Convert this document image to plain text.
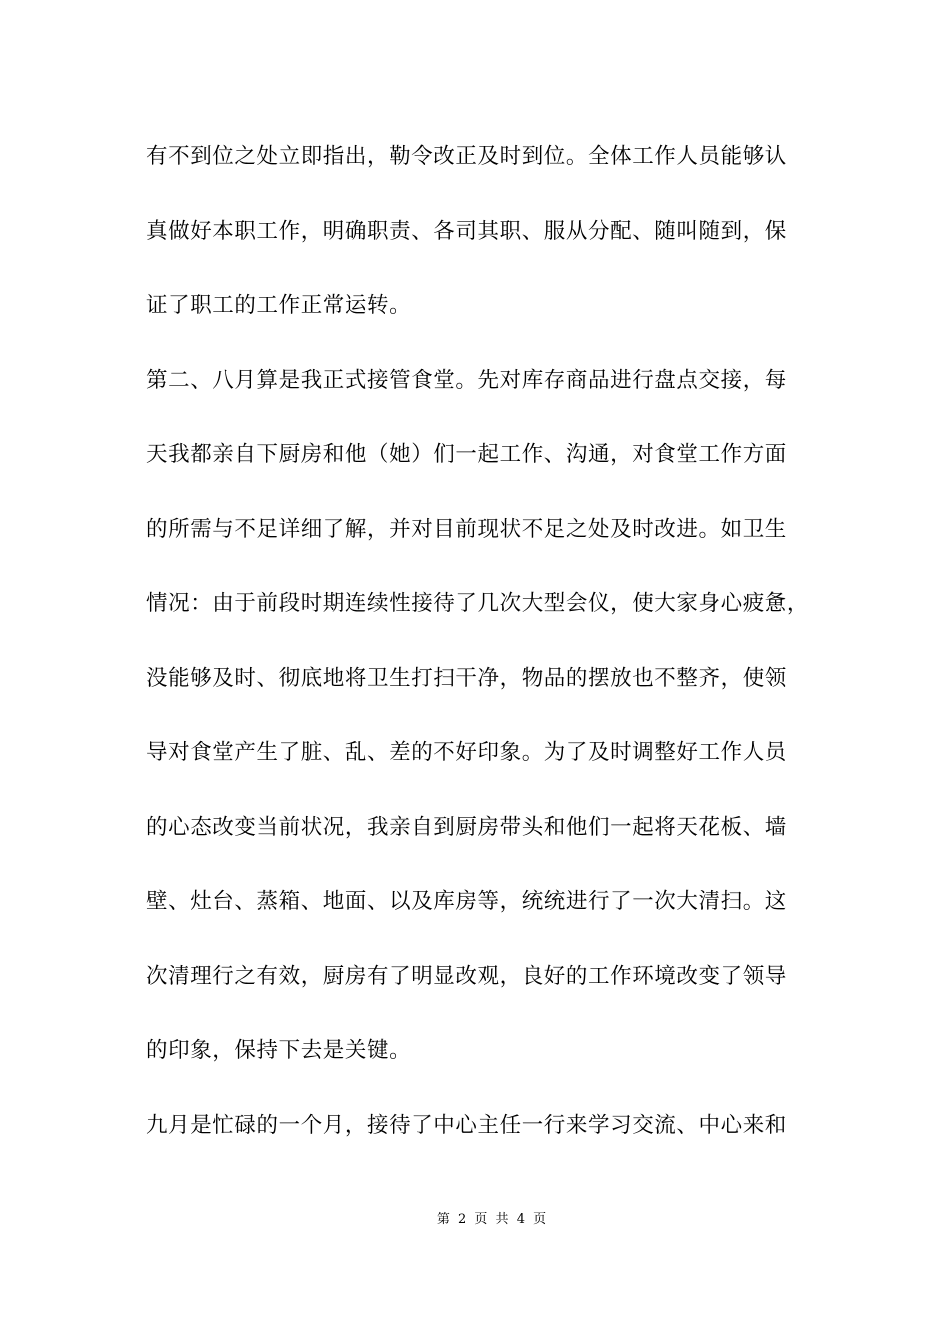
有不到位之处立即指出，勒令改正及时到位。全体工作人员能够认
真做好本职工作，明确职责、各司其职、服从分配、随叫随到，保
证了职工的工作正常运转。
第二、八月算是我正式接管食堂。先对库存商品进行盘点交接，每
天我都亲自下厨房和他（她）们一起工作、沟通，对食堂工作方面
的所需与不足详细了解，并对目前现状不足之处及时改进。如卫生
情况：由于前段时期连续性接待了几次大型会仪，使大家身心疲惫，
没能够及时、彻底地将卫生打扫干净，物品的摆放也不整齐，使领
导对食堂产生了脏、乱、差的不好印象。为了及时调整好工作人员
的心态改变当前状况，我亲自到厨房带头和他们一起将天花板、墙
壁、灶台、蒸箱、地面、以及库房等，统统进行了一次大清扫。这
次清理行之有效，厨房有了明显改观，良好的工作环境改变了领导
的印象，保持下去是关键。
九月是忙碌的一个月，接待了中心主任一行来学习交流、中心来和
第 2 页 共 4 页
